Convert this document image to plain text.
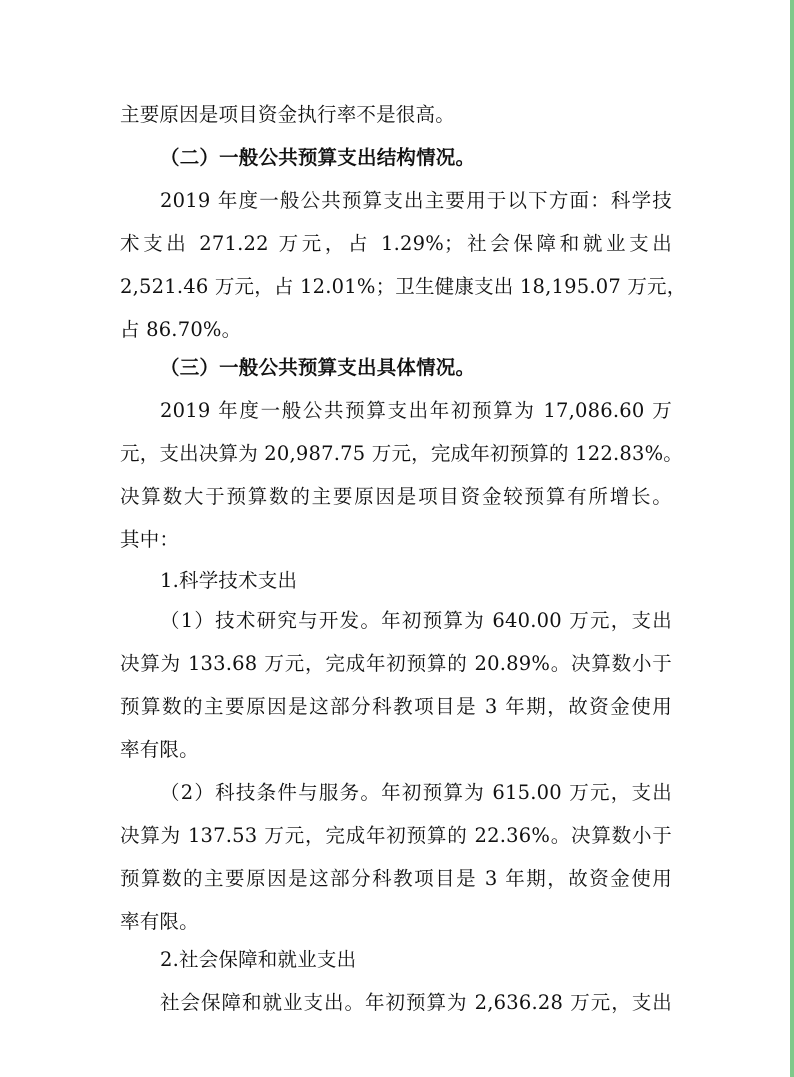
主要原因是项目资金执行率不是很高。
（二）一般公共预算支出结构情况。
2019 年度一般公共预算支出主要用于以下方面：科学技
术支出 271.22 万元，占 1.29%；社会保障和就业支出
2,521.46 万元，占 12.01%；卫生健康支出 18,195.07 万元，
占 86.70%。
（三）一般公共预算支出具体情况。
2019 年度一般公共预算支出年初预算为 17,086.60 万
元，支出决算为 20,987.75 万元，完成年初预算的 122.83%。
决算数大于预算数的主要原因是项目资金较预算有所增长。
其中：
1.科学技术支出
（1）技术研究与开发。年初预算为 640.00 万元，支出
决算为 133.68 万元，完成年初预算的 20.89%。决算数小于
预算数的主要原因是这部分科教项目是 3 年期，故资金使用
率有限。
（2）科技条件与服务。年初预算为 615.00 万元，支出
决算为 137.53 万元，完成年初预算的 22.36%。决算数小于
预算数的主要原因是这部分科教项目是 3 年期，故资金使用
率有限。
2.社会保障和就业支出
社会保障和就业支出。年初预算为 2,636.28 万元，支出
